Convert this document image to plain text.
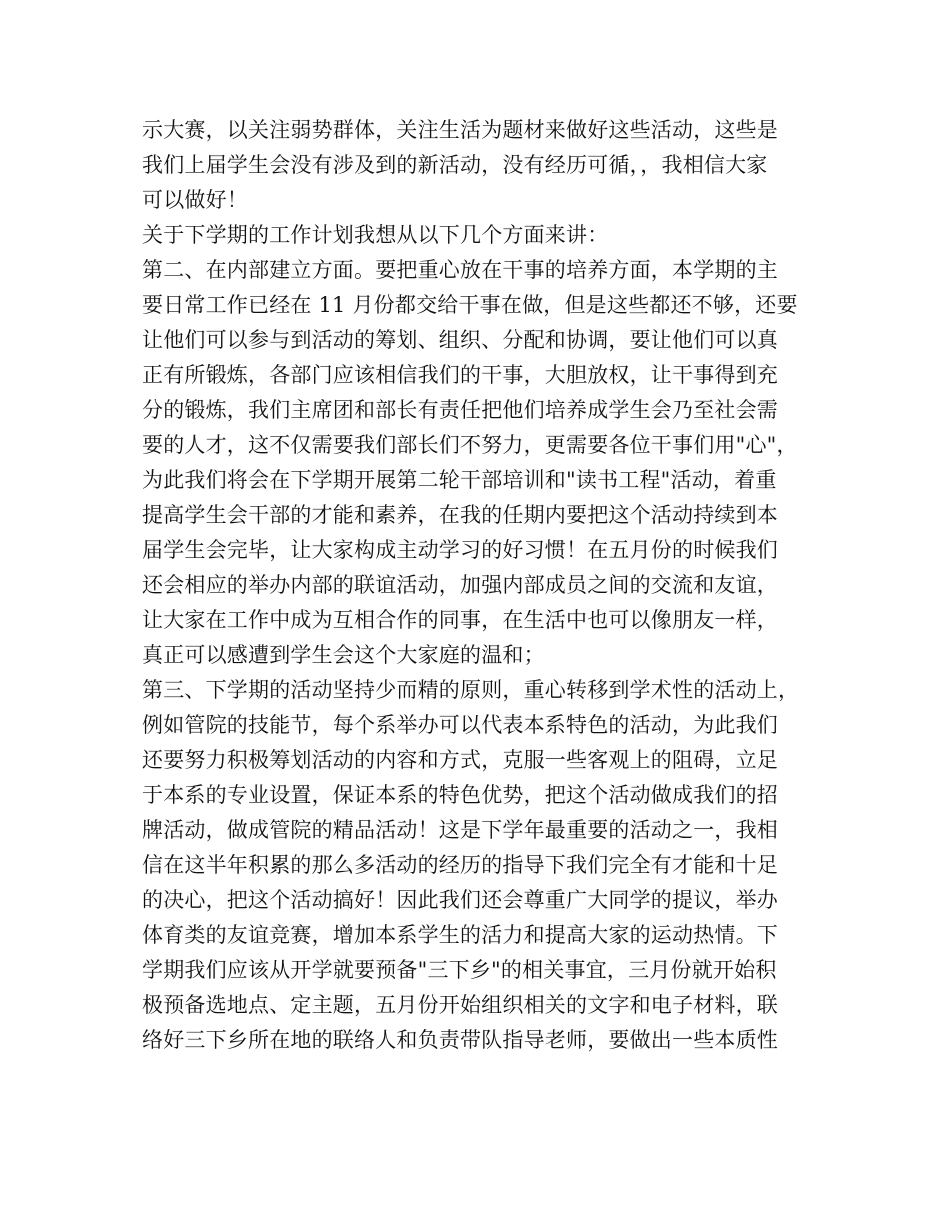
示大赛，以关注弱势群体，关注生活为题材来做好这些活动，这些是
我们上届学生会没有涉及到的新活动，没有经历可循，，我相信大家
可以做好！
关于下学期的工作计划我想从以下几个方面来讲：
第二、在内部建立方面。要把重心放在干事的培养方面，本学期的主
要日常工作已经在 11 月份都交给干事在做，但是这些都还不够，还要
让他们可以参与到活动的筹划、组织、分配和协调，要让他们可以真
正有所锻炼，各部门应该相信我们的干事，大胆放权，让干事得到充
分的锻炼，我们主席团和部长有责任把他们培养成学生会乃至社会需
要的人才，这不仅需要我们部长们不努力，更需要各位干事们用"心"，
为此我们将会在下学期开展第二轮干部培训和"读书工程"活动，着重
提高学生会干部的才能和素养，在我的任期内要把这个活动持续到本
届学生会完毕，让大家构成主动学习的好习惯！在五月份的时候我们
还会相应的举办内部的联谊活动，加强内部成员之间的交流和友谊，
让大家在工作中成为互相合作的同事，在生活中也可以像朋友一样，
真正可以感遭到学生会这个大家庭的温和；
第三、下学期的活动坚持少而精的原则，重心转移到学术性的活动上，
例如管院的技能节，每个系举办可以代表本系特色的活动，为此我们
还要努力积极筹划活动的内容和方式，克服一些客观上的阻碍，立足
于本系的专业设置，保证本系的特色优势，把这个活动做成我们的招
牌活动，做成管院的精品活动！这是下学年最重要的活动之一，我相
信在这半年积累的那么多活动的经历的指导下我们完全有才能和十足
的决心，把这个活动搞好！因此我们还会尊重广大同学的提议，举办
体育类的友谊竞赛，增加本系学生的活力和提高大家的运动热情。下
学期我们应该从开学就要预备"三下乡"的相关事宜，三月份就开始积
极预备选地点、定主题，五月份开始组织相关的文字和电子材料，联
络好三下乡所在地的联络人和负责带队指导老师，要做出一些本质性
